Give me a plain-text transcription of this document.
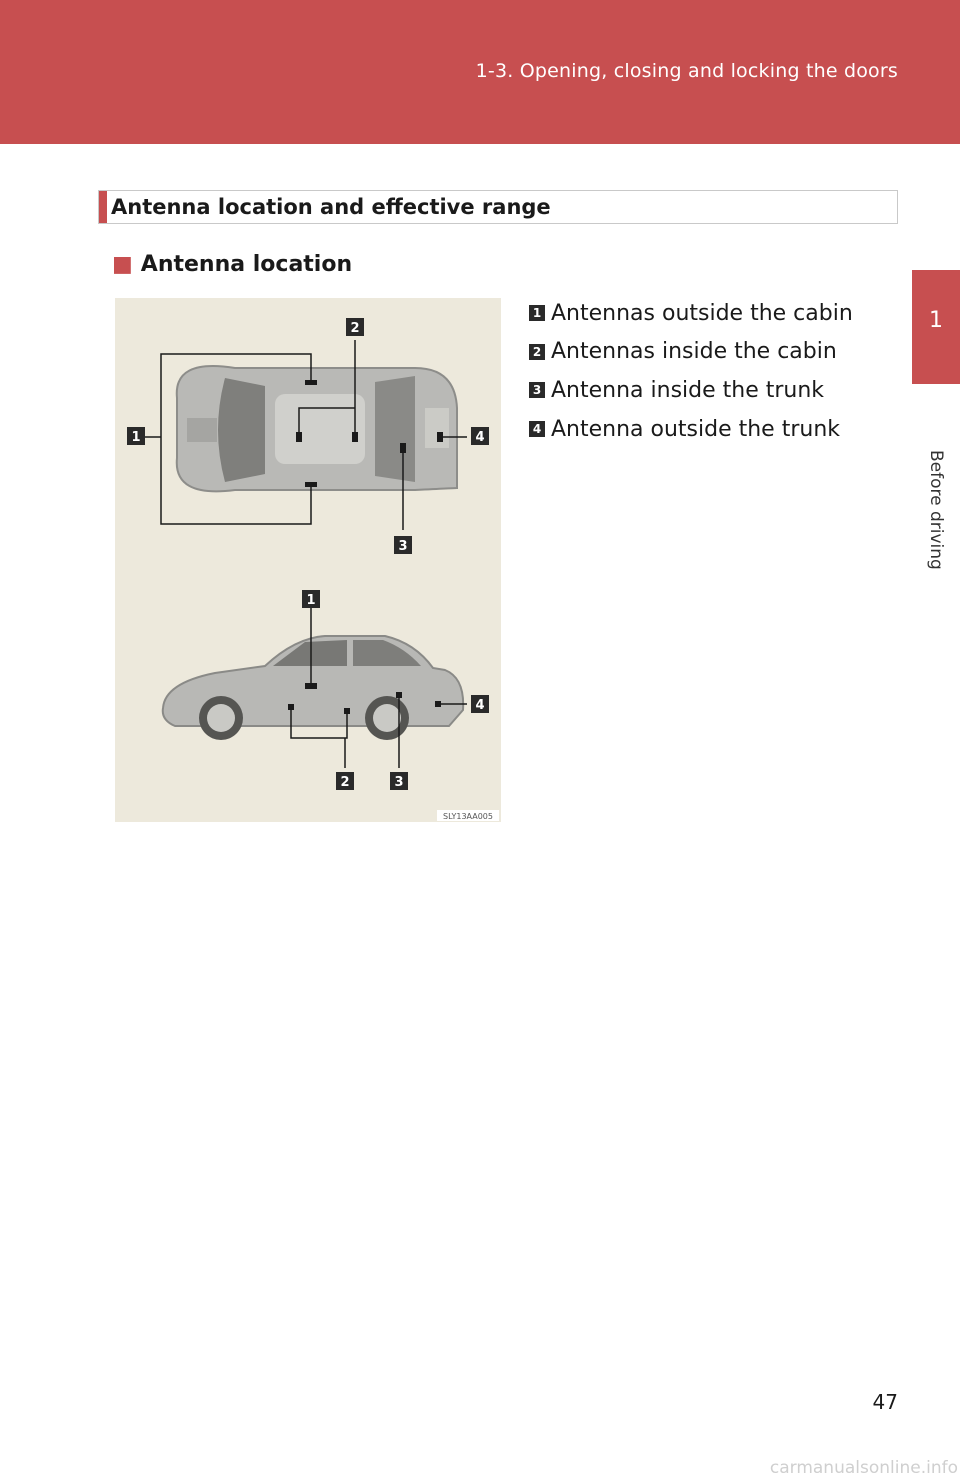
1-3. Opening, closing and locking the doors
1
Before driving
Antenna location and effective range
■ Antenna location
1
2
3
4
1
2	3
4
SLY13AA005
1 Antennas outside the cabin
2 Antennas inside the cabin
3 Antenna inside the trunk
4 Antenna outside the trunk
47
carmanualsonline.info
